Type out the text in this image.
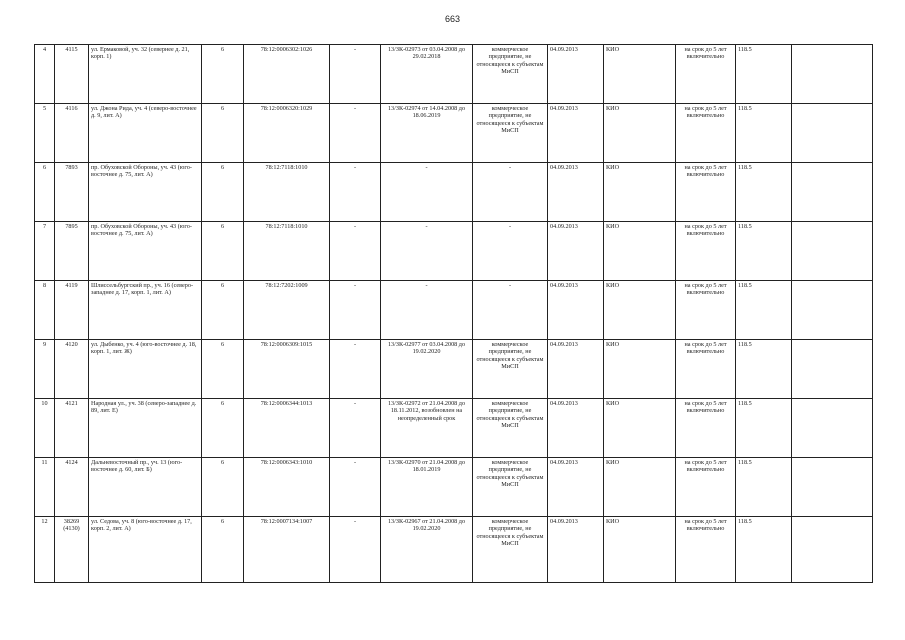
663
4	4115	ул. Ермаковой, уч. 32 (севернее д. 21, корп. 1)	6	78:12:0006302:1026	-	13/ЗК-02973 от 03.04.2008 до 29.02.2018	коммерческое предприятие, не относящееся к субъектам МиСП	04.09.2013	КИО	на срок до 5 лет включительно	118.5	
5	4116	ул. Джона Рида, уч. 4 (северо-восточнее д. 9, лит. А)	6	78:12:0006320:1029	-	13/ЗК-02974 от 14.04.2008 до 18.06.2019	коммерческое предприятие, не относящееся к субъектам МиСП	04.09.2013	КИО	на срок до 5 лет включительно	118.5	
6	7893	пр. Обуховской Обороны, уч. 43 (юго-восточнее д. 75, лит. А)	6	78:12:7118:1010	-	-	-	04.09.2013	КИО	на срок до 5 лет включительно	118.5	
7	7895	пр. Обуховской Обороны, уч. 43 (юго-восточнее д. 75, лит. А)	6	78:12:7118:1010	-	-	-	04.09.2013	КИО	на срок до 5 лет включительно	118.5	
8	4119	Шлиссельбургский пр., уч. 16 (северо-западнее д. 17, корп. 1, лит. А)	6	78:12:7202:1009	-	-	-	04.09.2013	КИО	на срок до 5 лет включительно	118.5	
9	4120	ул. Дыбенко, уч. 4 (юго-восточнее д. 18, корп. 1, лит. Ж)	6	78:12:0006309:1015	-	13/ЗК-02977 от 03.04.2008 до 19.02.2020	коммерческое предприятие, не относящееся к субъектам МиСП	04.09.2013	КИО	на срок до 5 лет включительно	118.5	
10	4121	Народная ул., уч. 38 (северо-западнее д. 89, лит. Е)	6	78:12:0006344:1013	-	13/ЗК-02972 от 21.04.2008 до 18.11.2012, возобновлен на неопределенный срок	коммерческое предприятие, не относящееся к субъектам МиСП	04.09.2013	КИО	на срок до 5 лет включительно	118.5	
11	4124	Дальневосточный пр., уч. 13 (юго-восточнее д. 60, лит. Б)	6	78:12:0006343:1010	-	13/ЗК-02970 от 21.04.2008 до 18.01.2019	коммерческое предприятие, не относящееся к субъектам МиСП	04.09.2013	КИО	на срок до 5 лет включительно	118.5	
12	38269 (4130)	ул. Седова, уч. 8 (юго-восточнее д. 17, корп. 2, лит. А)	6	78:12:0007134:1007	-	13/ЗК-02967 от 21.04.2008 до 19.02.2020	коммерческое предприятие, не относящееся к субъектам МиСП	04.09.2013	КИО	на срок до 5 лет включительно	118.5	
